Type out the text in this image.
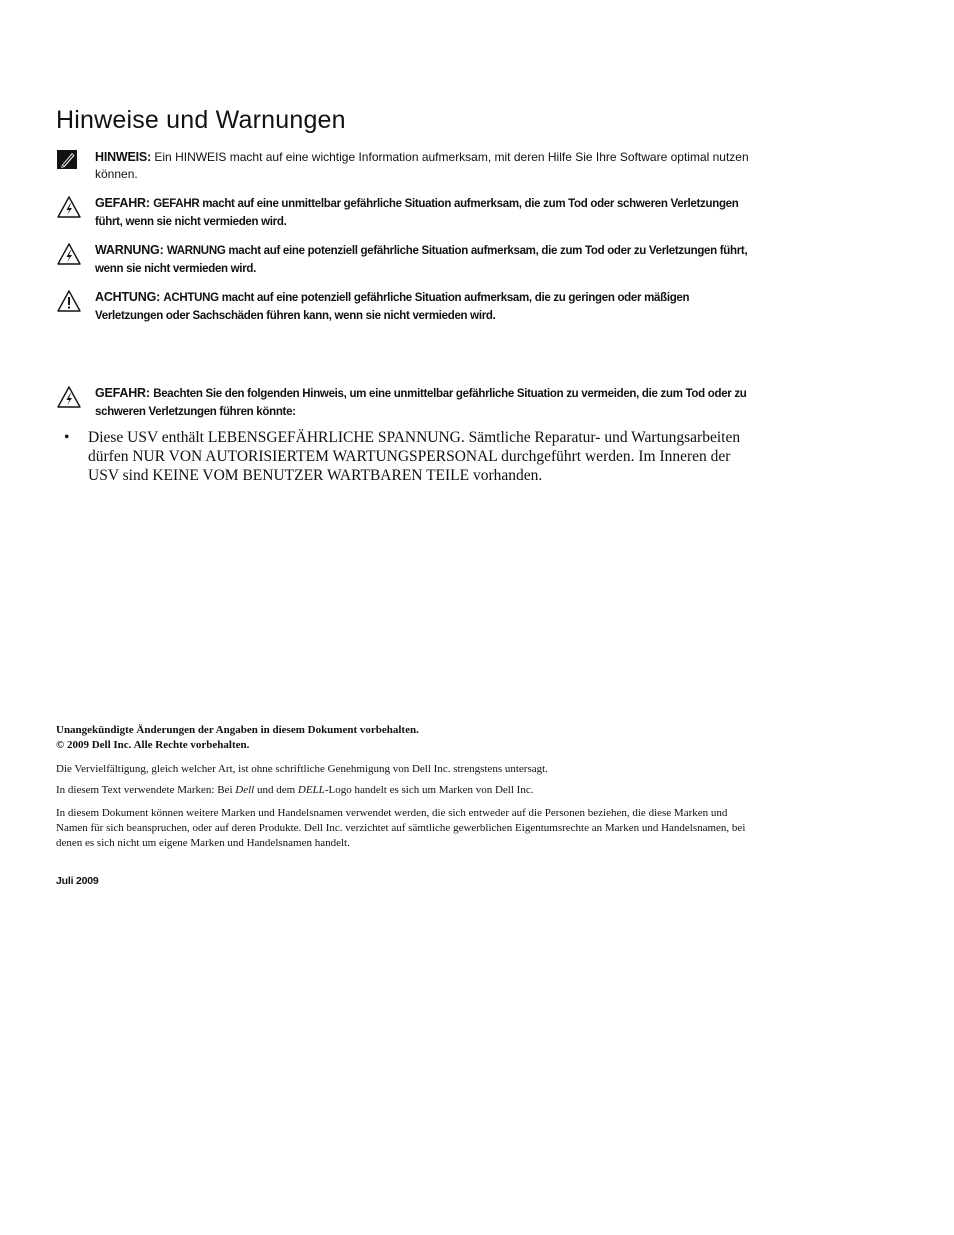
Hinweise und Warnungen
HINWEIS: Ein HINWEIS macht auf eine wichtige Information aufmerksam, mit deren Hilfe Sie Ihre Software optimal nutzen können.
GEFAHR: GEFAHR macht auf eine unmittelbar gefährliche Situation aufmerksam, die zum Tod oder schweren Verletzungen führt, wenn sie nicht vermieden wird.
WARNUNG: WARNUNG macht auf eine potenziell gefährliche Situation aufmerksam, die zum Tod oder zu Verletzungen führt, wenn sie nicht vermieden wird.
ACHTUNG: ACHTUNG macht auf eine potenziell gefährliche Situation aufmerksam, die zu geringen oder mäßigen Verletzungen oder Sachschäden führen kann, wenn sie nicht vermieden wird.
GEFAHR: Beachten Sie den folgenden Hinweis, um eine unmittelbar gefährliche Situation zu vermeiden, die zum Tod oder zu schweren Verletzungen führen könnte:
•	Diese USV enthält LEBENSGEFÄHRLICHE SPANNUNG. Sämtliche Reparatur- und Wartungsarbeiten dürfen NUR VON AUTORISIERTEM WARTUNGSPERSONAL durchgeführt werden. Im Inneren der USV sind KEINE VOM BENUTZER WARTBAREN TEILE vorhanden.
Unangekündigte Änderungen der Angaben in diesem Dokument vorbehalten.
© 2009 Dell Inc. Alle Rechte vorbehalten.
Die Vervielfältigung, gleich welcher Art, ist ohne schriftliche Genehmigung von Dell Inc. strengstens untersagt.
In diesem Text verwendete Marken: Bei Dell und dem DELL-Logo handelt es sich um Marken von Dell Inc.
In diesem Dokument können weitere Marken und Handelsnamen verwendet werden, die sich entweder auf die Personen beziehen, die diese Marken und Namen für sich beanspruchen, oder auf deren Produkte. Dell Inc. verzichtet auf sämtliche gewerblichen Eigentumsrechte an Marken und Handelsnamen, bei denen es sich nicht um eigene Marken und Handelsnamen handelt.
Juli 2009
